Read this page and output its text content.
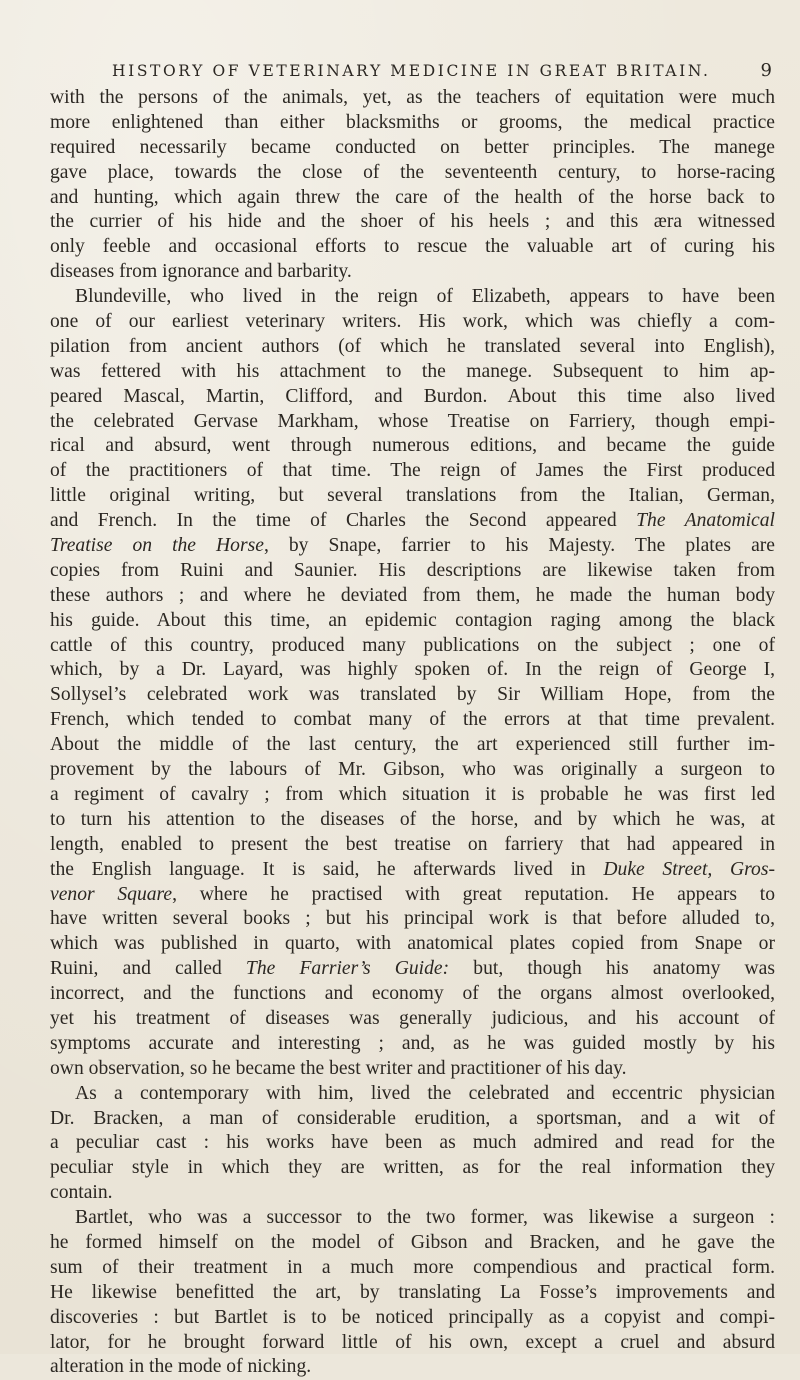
HISTORY OF VETERINARY MEDICINE IN GREAT BRITAIN.	9
with the persons of the animals, yet, as the teachers of equitation were much
more enlightened than either blacksmiths or grooms, the medical practice
required necessarily became conducted on better principles. The manege
gave place, towards the close of the seventeenth century, to horse-racing
and hunting, which again threw the care of the health of the horse back to
the currier of his hide and the shoer of his heels ; and this æra witnessed
only feeble and occasional efforts to rescue the valuable art of curing his
diseases from ignorance and barbarity.
Blundeville, who lived in the reign of Elizabeth, appears to have been
one of our earliest veterinary writers. His work, which was chiefly a com-
pilation from ancient authors (of which he translated several into English),
was fettered with his attachment to the manege. Subsequent to him ap-
peared Mascal, Martin, Clifford, and Burdon. About this time also lived
the celebrated Gervase Markham, whose Treatise on Farriery, though empi-
rical and absurd, went through numerous editions, and became the guide
of the practitioners of that time. The reign of James the First produced
little original writing, but several translations from the Italian, German,
and French. In the time of Charles the Second appeared The Anatomical
Treatise on the Horse, by Snape, farrier to his Majesty. The plates are
copies from Ruini and Saunier. His descriptions are likewise taken from
these authors ; and where he deviated from them, he made the human body
his guide. About this time, an epidemic contagion raging among the black
cattle of this country, produced many publications on the subject ; one of
which, by a Dr. Layard, was highly spoken of. In the reign of George I,
Sollysel’s celebrated work was translated by Sir William Hope, from the
French, which tended to combat many of the errors at that time prevalent.
About the middle of the last century, the art experienced still further im-
provement by the labours of Mr. Gibson, who was originally a surgeon to
a regiment of cavalry ; from which situation it is probable he was first led
to turn his attention to the diseases of the horse, and by which he was, at
length, enabled to present the best treatise on farriery that had appeared in
the English language. It is said, he afterwards lived in Duke Street, Gros-
venor Square, where he practised with great reputation. He appears to
have written several books ; but his principal work is that before alluded to,
which was published in quarto, with anatomical plates copied from Snape or
Ruini, and called The Farrier’s Guide: but, though his anatomy was
incorrect, and the functions and economy of the organs almost overlooked,
yet his treatment of diseases was generally judicious, and his account of
symptoms accurate and interesting ; and, as he was guided mostly by his
own observation, so he became the best writer and practitioner of his day.
As a contemporary with him, lived the celebrated and eccentric physician
Dr. Bracken, a man of considerable erudition, a sportsman, and a wit of
a peculiar cast : his works have been as much admired and read for the
peculiar style in which they are written, as for the real information they
contain.
Bartlet, who was a successor to the two former, was likewise a surgeon :
he formed himself on the model of Gibson and Bracken, and he gave the
sum of their treatment in a much more compendious and practical form.
He likewise benefitted the art, by translating La Fosse’s improvements and
discoveries : but Bartlet is to be noticed principally as a copyist and compi-
lator, for he brought forward little of his own, except a cruel and absurd
alteration in the mode of nicking.
